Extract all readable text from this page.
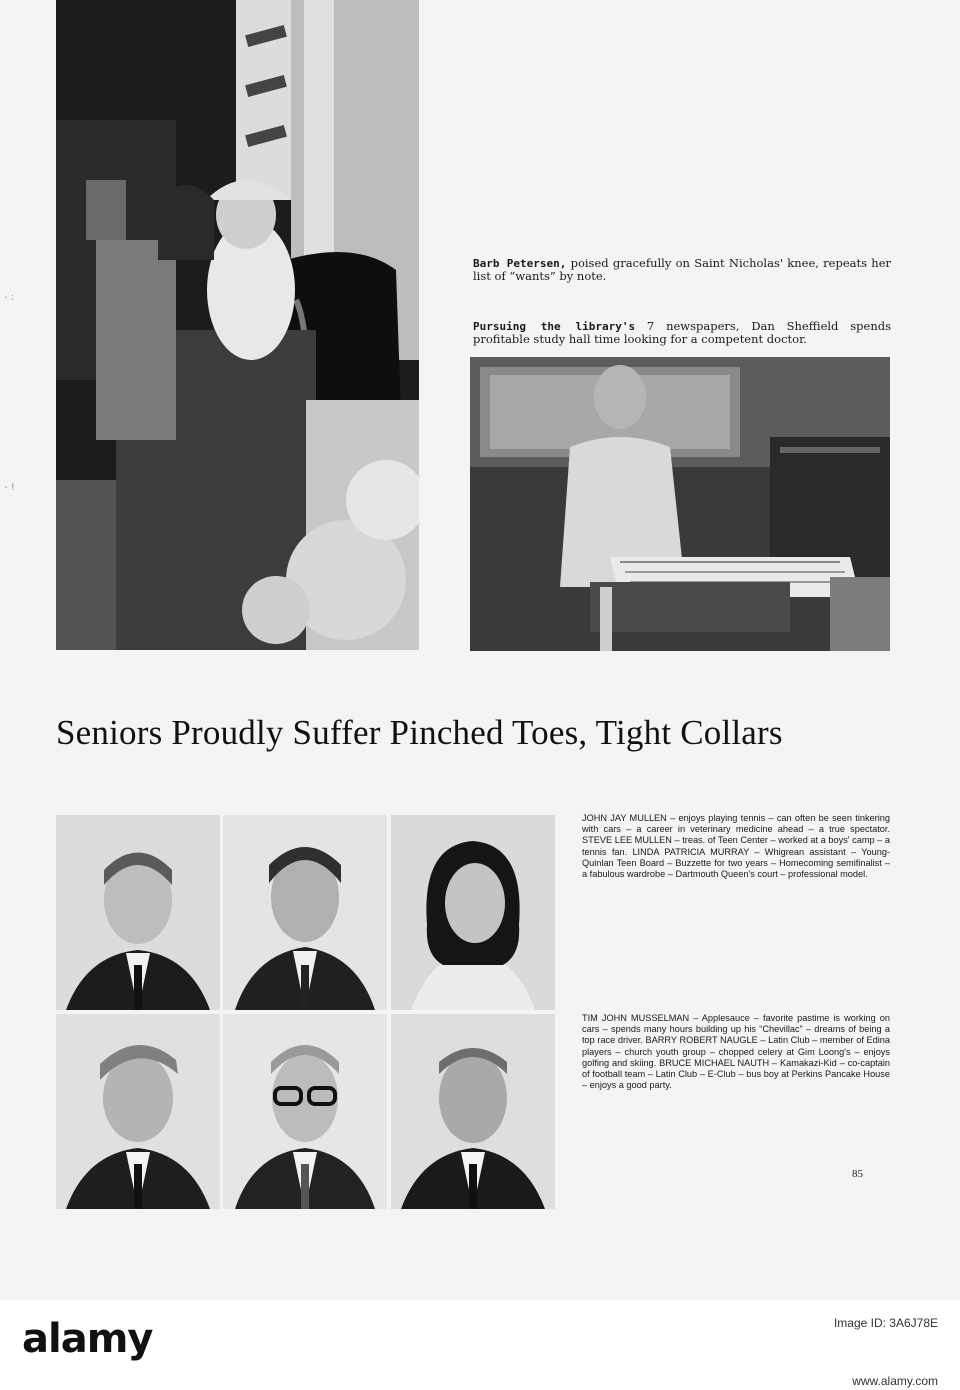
- :
- !
Barb Petersen, poised gracefully on Saint Nicholas' knee, repeats her list of “wants” by note.
Pursuing the library's 7 newspapers, Dan Sheffield spends profitable study hall time looking for a competent doctor.
Seniors Proudly Suffer Pinched Toes, Tight Collars
JOHN JAY MULLEN – enjoys playing tennis – can often be seen tinkering with cars – a career in veterinary medicine ahead – a true spectator. STEVE LEE MULLEN – treas. of Teen Center – worked at a boys' camp – a tennis fan. LINDA PATRICIA MURRAY – Whigrean assistant – Young-Quinlan Teen Board – Buzzette for two years – Homecoming semifinalist – a fabulous wardrobe – Dartmouth Queen's court – professional model.
TIM JOHN MUSSELMAN – Applesauce – favorite pastime is working on cars – spends many hours building up his “Chevillac” – dreams of being a top race driver. BARRY ROBERT NAUGLE – Latin Club – member of Edina players – church youth group – chopped celery at Gim Loong's – enjoys golfing and skiing. BRUCE MICHAEL NAUTH – Kamakazi-Kid – co-captain of football team – Latin Club – E-Club – bus boy at Perkins Pancake House – enjoys a good party.
85
alamy	Image ID: 3A6J78E
www.alamy.com
